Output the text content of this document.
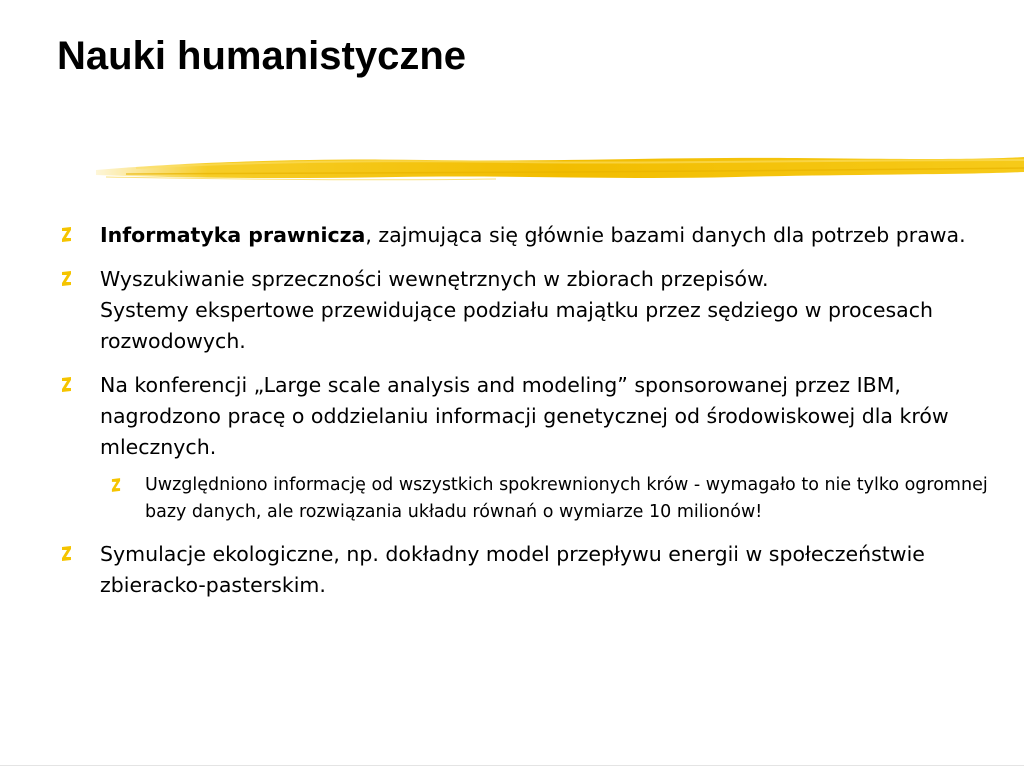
Nauki humanistyczne
Informatyka prawnicza, zajmująca się głównie bazami danych dla potrzeb prawa.
Wyszukiwanie sprzeczności wewnętrznych w zbiorach przepisów.
Systemy ekspertowe przewidujące podziału majątku przez sędziego w procesach rozwodowych.
Na konferencji „Large scale analysis and modeling” sponsorowanej przez IBM, nagrodzono pracę o oddzielaniu informacji genetycznej od środowiskowej dla krów mlecznych.
Uwzględniono informację od wszystkich spokrewnionych krów - wymagało to nie tylko ogromnej bazy danych, ale rozwiązania układu równań o wymiarze 10 milionów!
Symulacje ekologiczne, np. dokładny model przepływu energii w społeczeństwie zbieracko-pasterskim.
